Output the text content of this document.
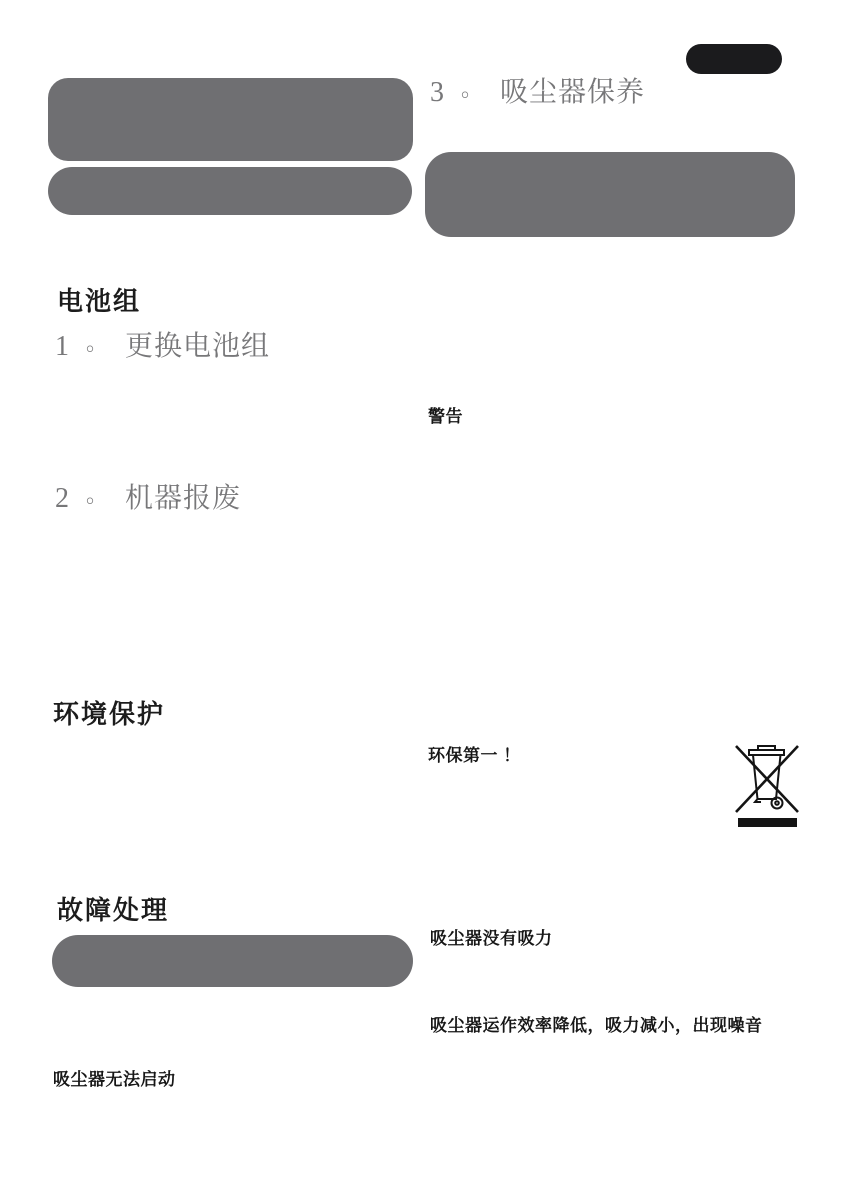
3 。 吸尘器保养
电池组
1 。 更换电池组
警告
2 。 机器报废
环境保护
环保第一 ！
故障处理
吸尘器没有吸力
吸尘器运作效率降低，吸力减小，出现噪音
吸尘器无法启动
